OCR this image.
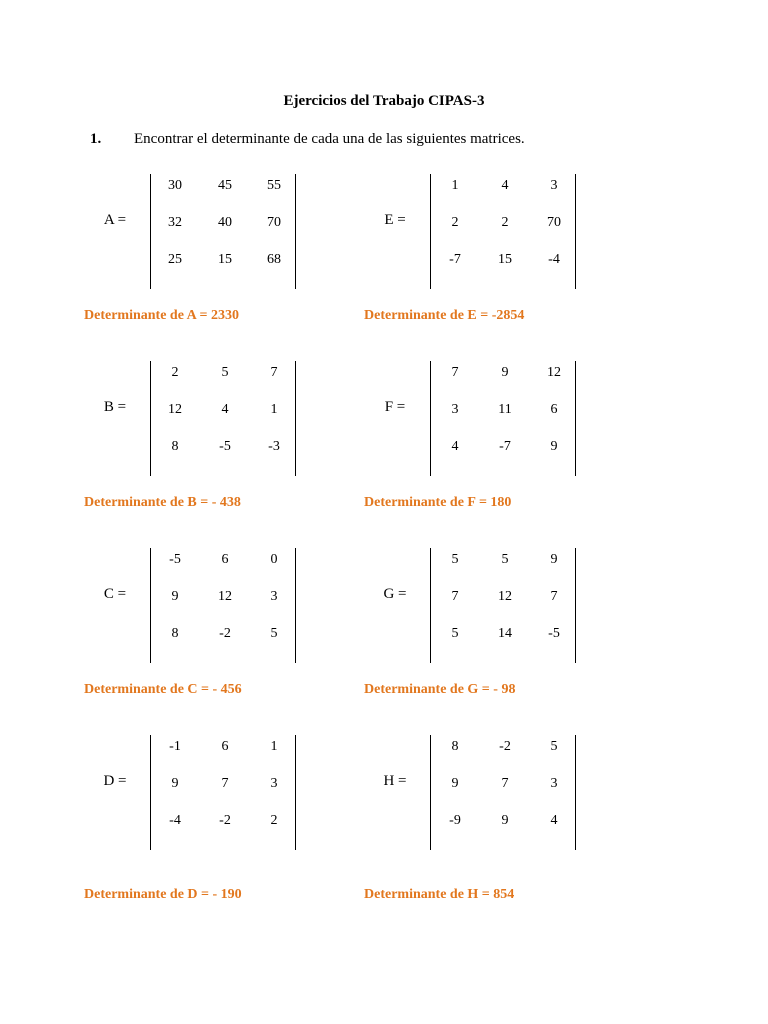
Ejercicios del Trabajo CIPAS-3
1. Encontrar el determinante de cada una de las siguientes matrices.
A =
30	45	55
32	40	70
25	15	68
E =
1	4	3
2	2	70
-7	15	-4
Determinante de A = 2330	Determinante de E = -2854
B =
2	5	7
12	4	1
8	-5	-3
F =
7	9	12
3	11	6
4	-7	9
Determinante de B = - 438	Determinante de F = 180
C =
-5	6	0
9	12	3
8	-2	5
G =
5	5	9
7	12	7
5	14	-5
Determinante de C = - 456	Determinante de G = - 98
D =
-1	6	1
9	7	3
-4	-2	2
H =
8	-2	5
9	7	3
-9	9	4
Determinante de D = - 190	Determinante de H = 854
